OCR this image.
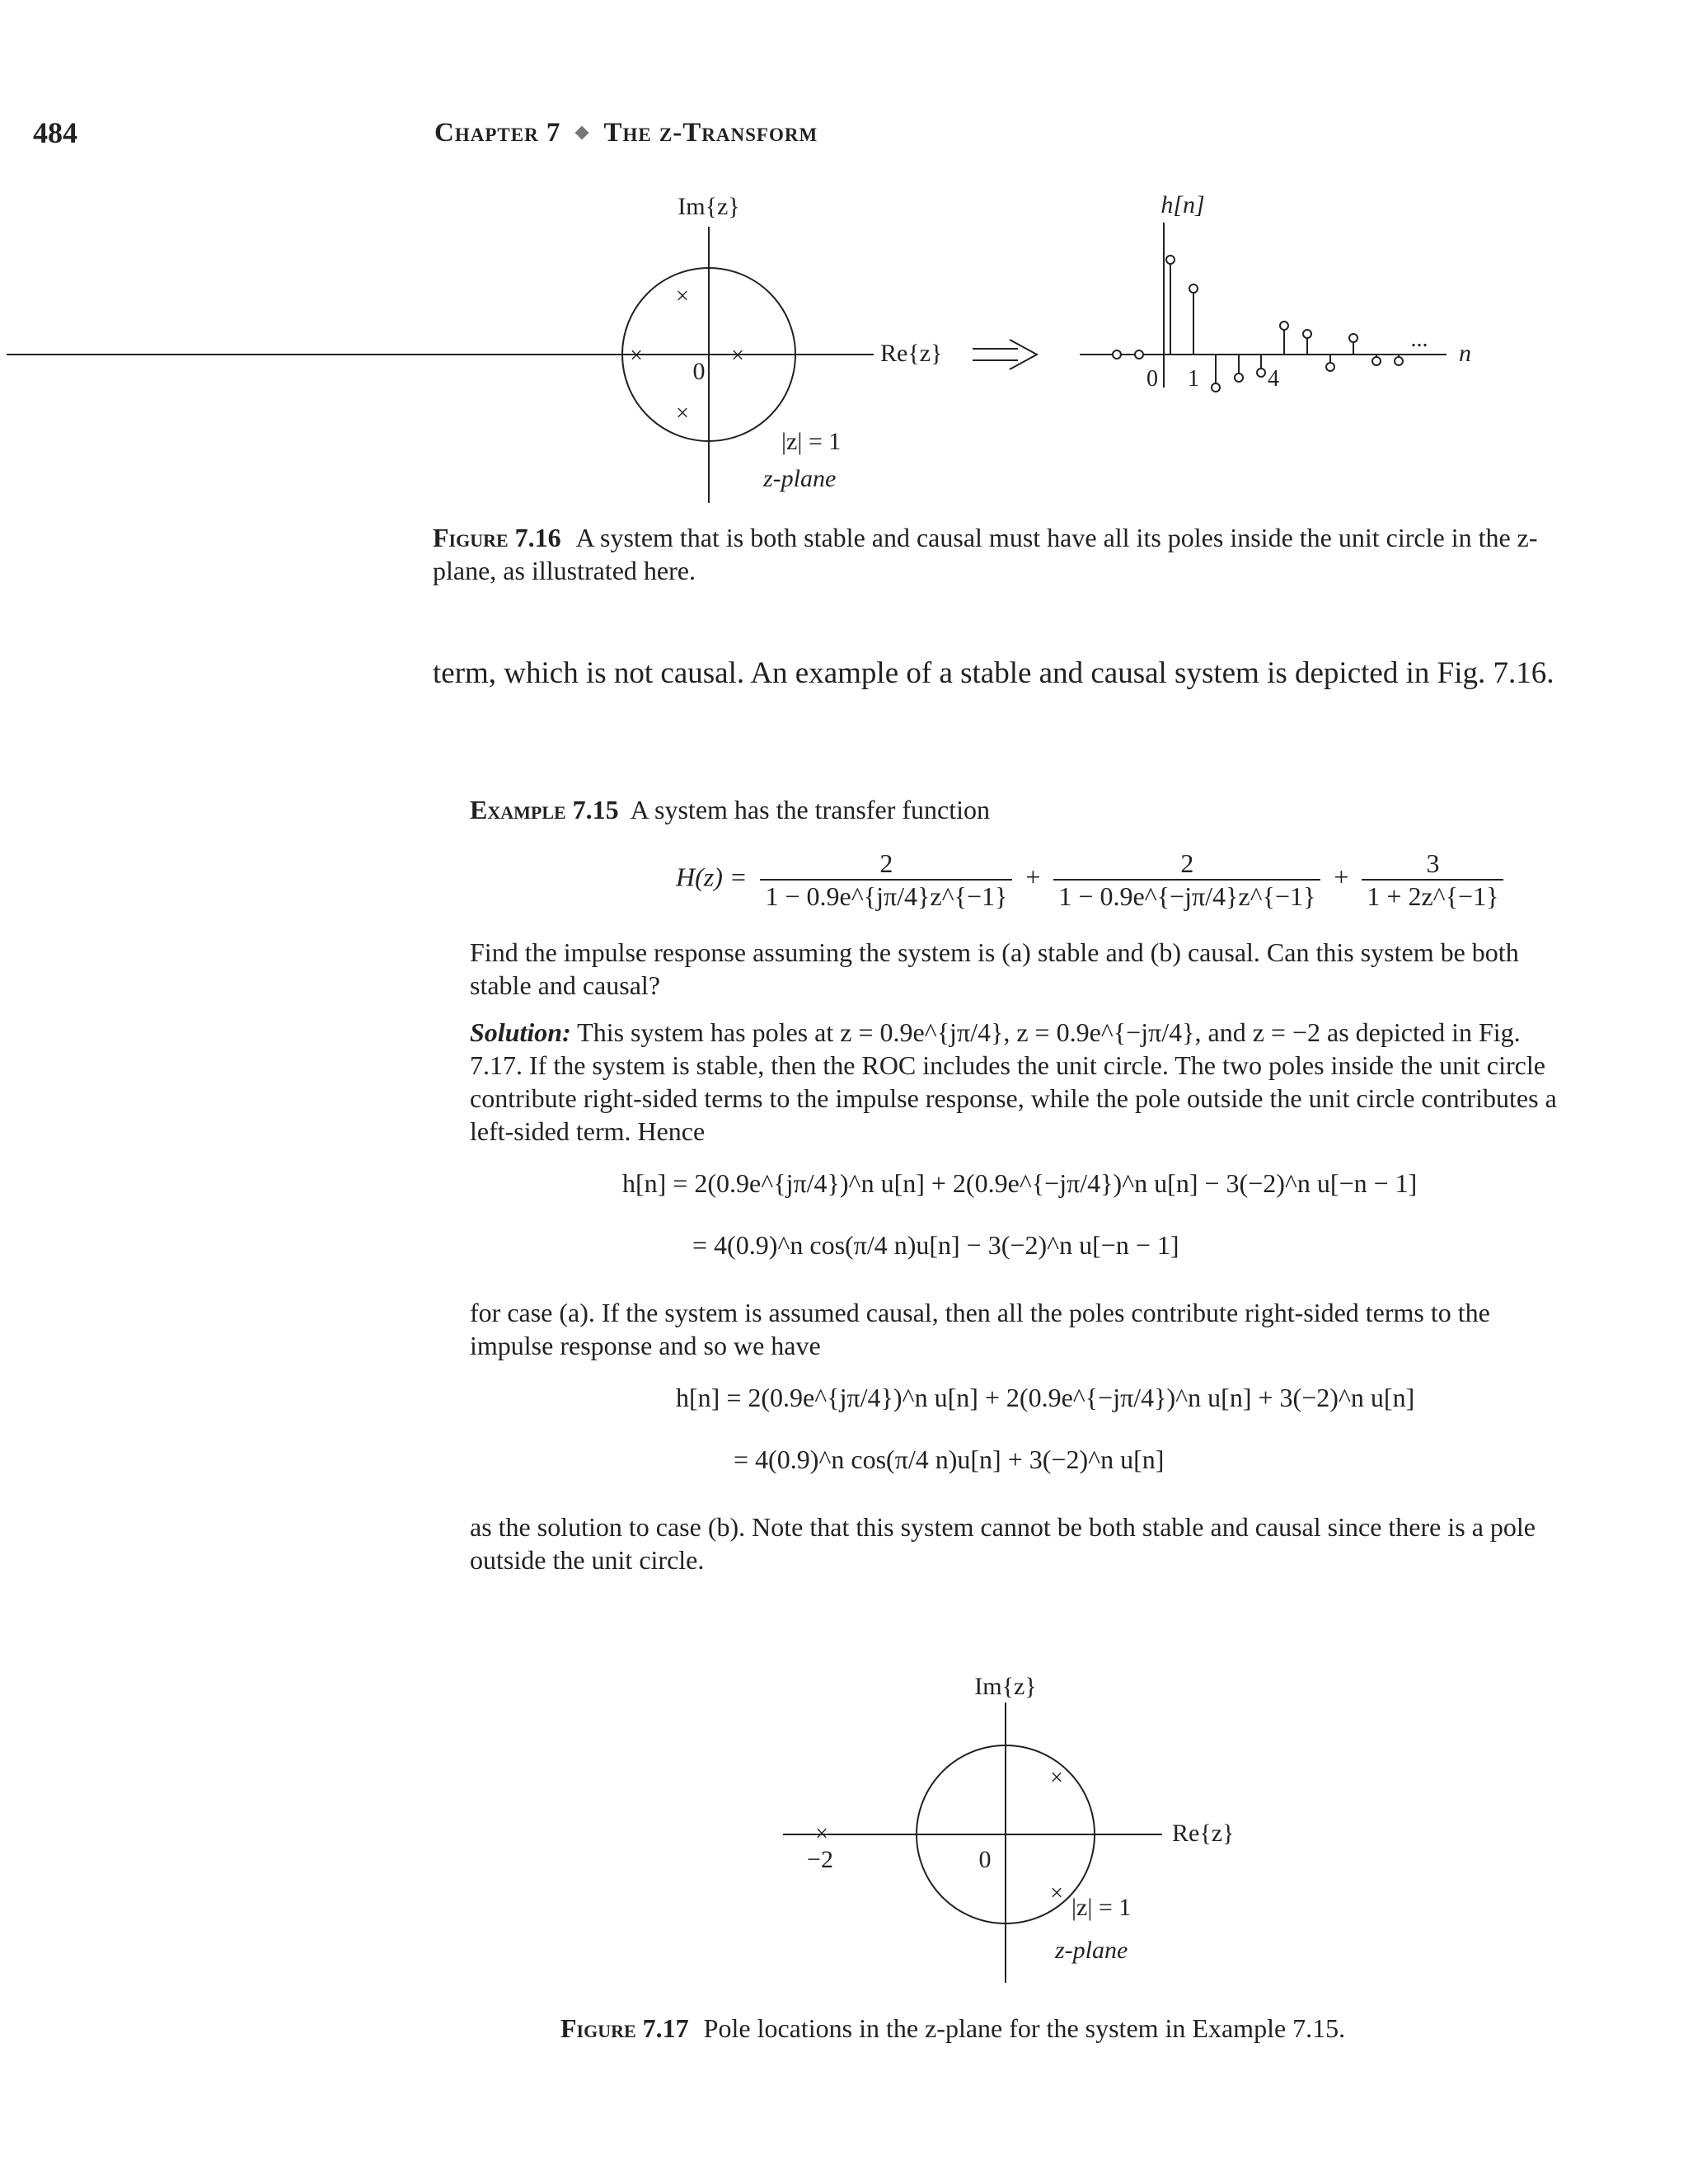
484	Chapter 7 The z-Transform
Im{z}
Re{z}
0
×
×
×	×
|z| = 1
z-plane
h[n]
n
0 1	4
...
Figure 7.16 A system that is both stable and causal must have all its poles inside the unit circle in the z-plane, as illustrated here.
term, which is not causal. An example of a stable and causal system is depicted in Fig. 7.16.
Example 7.15 A system has the transfer function
$H(z) = \frac{2}{1 - 0.9e\^{}\{j\pi/4\}z\^{}\{-1\}} + \frac{2}{1 - 0.9e\^{}\{-j\pi/4\}z\^{}\{-1\}} + \frac{3}{1 + 2z\^{}\{-1\}}$
Find the impulse response assuming the system is (a) stable and (b) causal. Can this system be both stable and causal?
Solution: This system has poles at z = 0.9e^{jπ/4}, z = 0.9e^{−jπ/4}, and z = −2 as depicted in Fig. 7.17. If the system is stable, then the ROC includes the unit circle. The two poles inside the unit circle contribute right-sided terms to the impulse response, while the pole outside the unit circle contributes a left-sided term. Hence
h[n] = 2(0.9e^{jπ/4})^n u[n] + 2(0.9e^{−jπ/4})^n u[n] − 3(−2)^n u[−n − 1]
= 4(0.9)^n cos(π/4 n)u[n] − 3(−2)^n u[−n − 1]
for case (a). If the system is assumed causal, then all the poles contribute right-sided terms to the impulse response and so we have
h[n] = 2(0.9e^{jπ/4})^n u[n] + 2(0.9e^{−jπ/4})^n u[n] + 3(−2)^n u[n]
= 4(0.9)^n cos(π/4 n)u[n] + 3(−2)^n u[n]
as the solution to case (b). Note that this system cannot be both stable and causal since there is a pole outside the unit circle.
Im{z}
Re{z}
0
−2
×
×
×
|z| = 1
z-plane
Figure 7.17 Pole locations in the z-plane for the system in Example 7.15.
